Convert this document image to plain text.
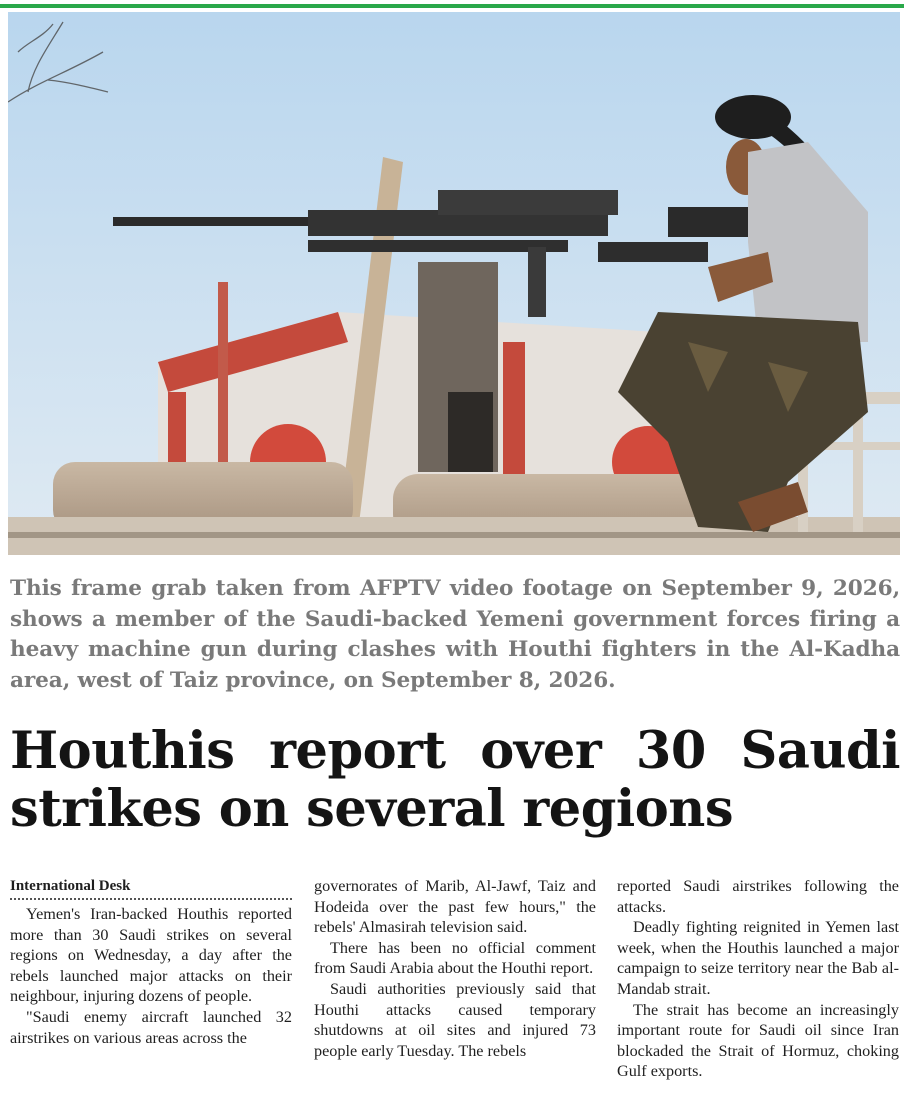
This frame grab taken from AFPTV video footage on September 9, 2026, shows a member of the Saudi-backed Yemeni government forces firing a heavy machine gun during clashes with Houthi fighters in the Al-Kadha area, west of Taiz province, on September 8, 2026.
Houthis report over 30 Saudi
strikes on several regions
International Desk

Yemen's Iran-backed Houthis reported more than 30 Saudi strikes on several regions on Wednesday, a day after the rebels launched major attacks on their neighbour, injuring dozens of people.

"Saudi enemy aircraft launched 32 airstrikes on various areas across the

governorates of Marib, Al-Jawf, Taiz and Hodeida over the past few hours," the rebels' Almasirah television said.

There has been no official comment from Saudi Arabia about the Houthi report.

Saudi authorities previously said that Houthi attacks caused temporary shutdowns at oil sites and injured 73 people early Tuesday. The rebels

reported Saudi airstrikes following the attacks.

Deadly fighting reignited in Yemen last week, when the Houthis launched a major campaign to seize territory near the Bab al-Mandab strait.

The strait has become an increasingly important route for Saudi oil since Iran blockaded the Strait of Hormuz, choking Gulf exports.
